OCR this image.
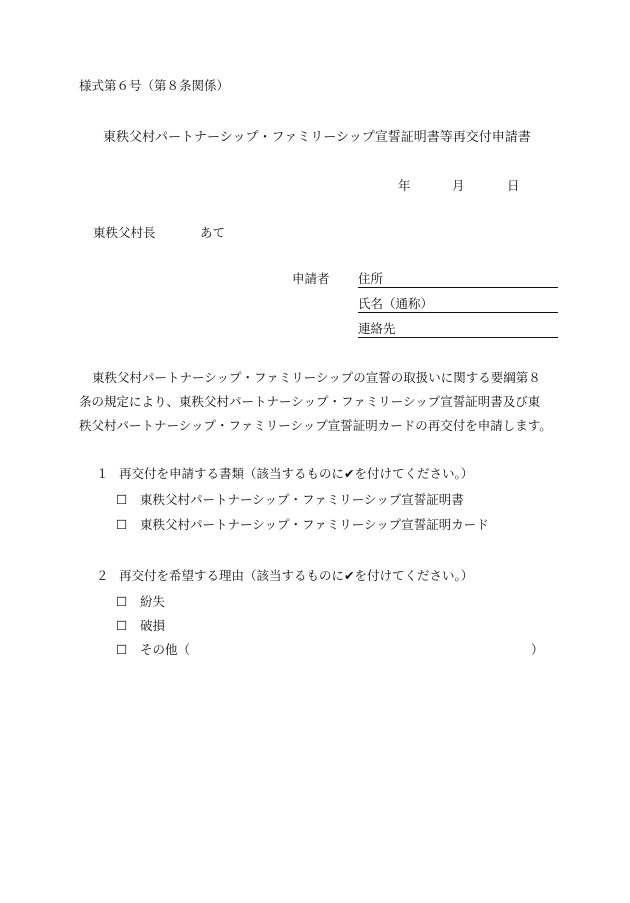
様式第６号（第８条関係）
東秩父村パートナーシップ・ファミリーシップ宣誓証明書等再交付申請書
年	月	日
東秩父村長	あて
申請者 住所
氏名（通称）
連絡先
東秩父村パートナーシップ・ファミリーシップの宣誓の取扱いに関する要綱第８
条の規定により、東秩父村パートナーシップ・ファミリーシップ宣誓証明書及び東
秩父村パートナーシップ・ファミリーシップ宣誓証明カードの再交付を申請します。
１ 再交付を申請する書類（該当するものに✔を付けてください。）
☐ 東秩父村パートナーシップ・ファミリーシップ宣誓証明書
☐ 東秩父村パートナーシップ・ファミリーシップ宣誓証明カード
２ 再交付を希望する理由（該当するものに✔を付けてください。）
☐ 紛失
☐ 破損
☐ その他（	）
